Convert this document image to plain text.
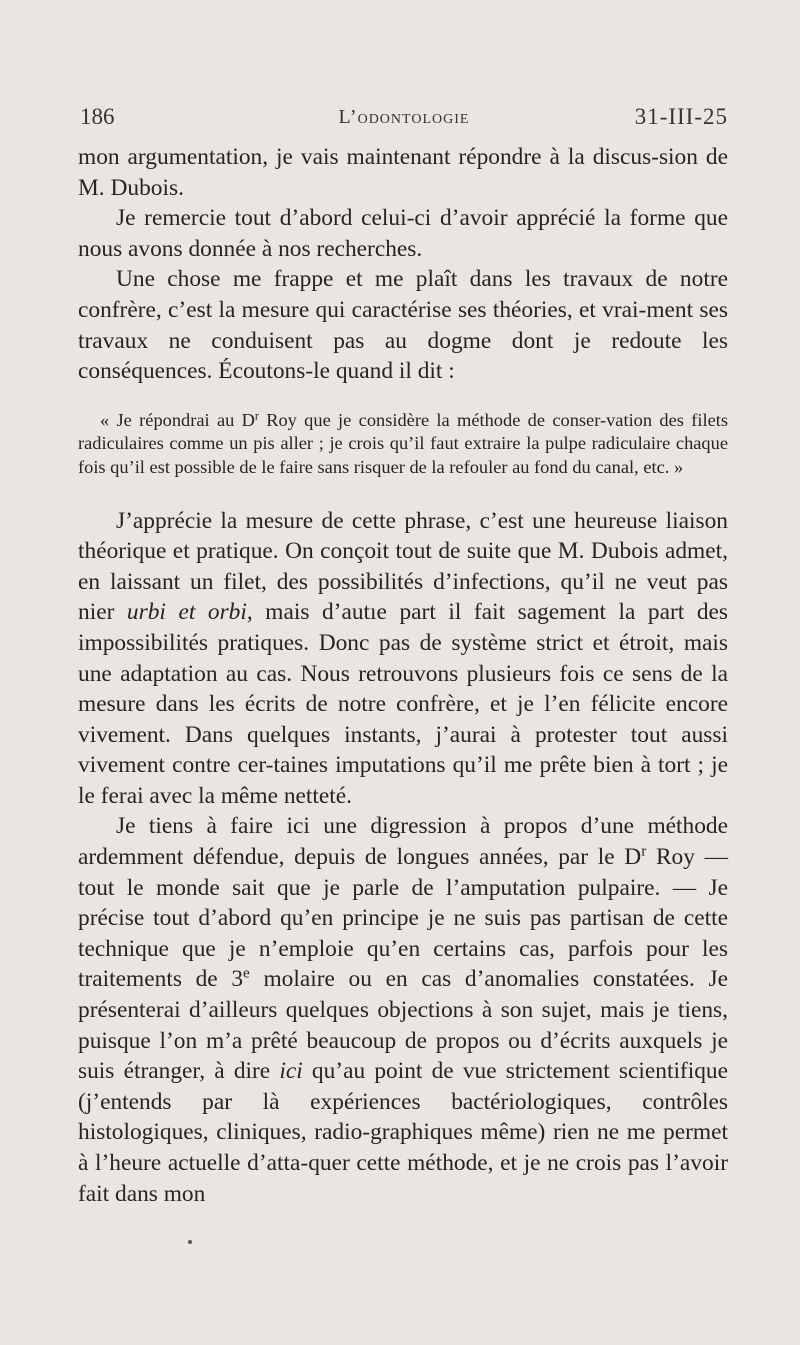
186	L’odontologie	31-III-25

mon argumentation, je vais maintenant répondre à la discus-sion de M. Dubois.

Je remercie tout d’abord celui-ci d’avoir apprécié la forme que nous avons donnée à nos recherches.

Une chose me frappe et me plaît dans les travaux de notre confrère, c’est la mesure qui caractérise ses théories, et vrai-ment ses travaux ne conduisent pas au dogme dont je redoute les conséquences. Écoutons-le quand il dit :

« Je répondrai au $D^r$ Roy que je considère la méthode de conser-vation des filets radiculaires comme un pis aller ; je crois qu’il faut extraire la pulpe radiculaire chaque fois qu’il est possible de le faire sans risquer de la refouler au fond du canal, etc. »

J’apprécie la mesure de cette phrase, c’est une heureuse liaison théorique et pratique. On conçoit tout de suite que M. Dubois admet, en laissant un filet, des possibilités d’infections, qu’il ne veut pas nier urbi et orbi, mais d’autıe part il fait sagement la part des impossibilités pratiques. Donc pas de système strict et étroit, mais une adaptation au cas. Nous retrouvons plusieurs fois ce sens de la mesure dans les écrits de notre confrère, et je l’en félicite encore vivement. Dans quelques instants, j’aurai à protester tout aussi vivement contre cer-taines imputations qu’il me prête bien à tort ; je le ferai avec la même netteté.

Je tiens à faire ici une digression à propos d’une méthode ardemment défendue, depuis de longues années, par le $D^r$ Roy — tout le monde sait que je parle de l’amputation pulpaire. — Je précise tout d’abord qu’en principe je ne suis pas partisan de cette technique que je n’emploie qu’en certains cas, parfois pour les traitements de 3e molaire ou en cas d’anomalies constatées. Je présenterai d’ailleurs quelques objections à son sujet, mais je tiens, puisque l’on m’a prêté beaucoup de propos ou d’écrits auxquels je suis étranger, à dire ici qu’au point de vue strictement scientifique (j’entends par là expériences bactériologiques, contrôles histologiques, cliniques, radio-graphiques même) rien ne me permet à l’heure actuelle d’atta-quer cette méthode, et je ne crois pas l’avoir fait dans mon
